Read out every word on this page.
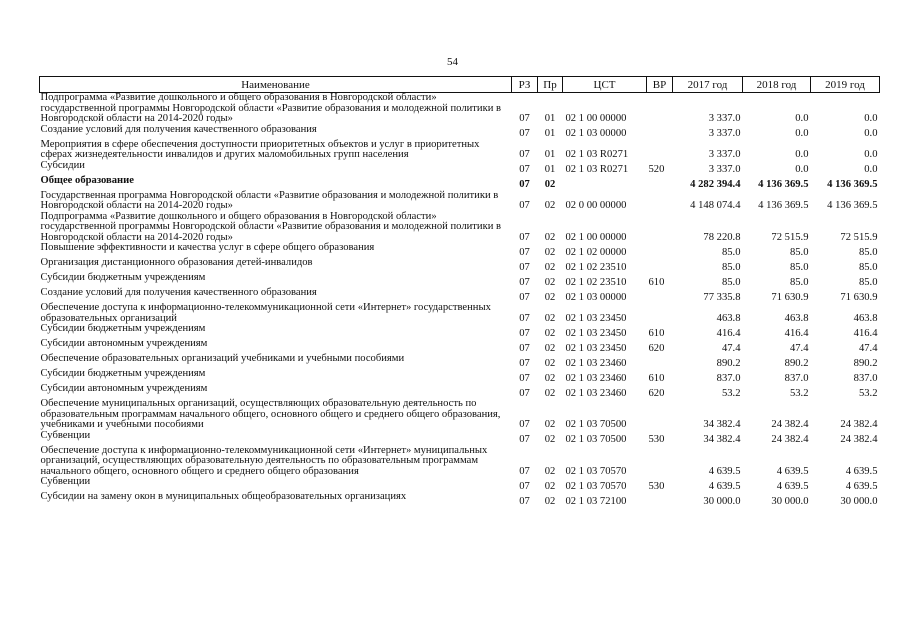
54
Наименование	РЗ	Пр	ЦСТ	ВР	2017 год	2018 год	2019 год
Подпрограмма «Развитие дошкольного и общего образования в Новгородской области» государственной программы Новгородской области «Развитие образования и молодежной политики в Новгородской области на 2014-2020 годы»	07	01	02 1 00 00000		3 337.0	0.0	0.0
Создание условий для получения качественного образования	07	01	02 1 03 00000		3 337.0	0.0	0.0
Мероприятия в сфере обеспечения доступности приоритетных объектов и услуг в приоритетных сферах жизнедеятельности инвалидов и других маломобильных групп населения	07	01	02 1 03 R0271		3 337.0	0.0	0.0
Субсидии	07	01	02 1 03 R0271	520	3 337.0	0.0	0.0
Общее образование	07	02			4 282 394.4	4 136 369.5	4 136 369.5
Государственная программа Новгородской области «Развитие образования и молодежной политики в Новгородской области на 2014-2020 годы»	07	02	02 0 00 00000		4 148 074.4	4 136 369.5	4 136 369.5
Подпрограмма «Развитие дошкольного и общего образования в Новгородской области» государственной программы Новгородской области «Развитие образования и молодежной политики в Новгородской области на 2014-2020 годы»	07	02	02 1 00 00000		78 220.8	72 515.9	72 515.9
Повышение эффективности и качества услуг в сфере общего образования	07	02	02 1 02 00000		85.0	85.0	85.0
Организация дистанционного образования детей-инвалидов	07	02	02 1 02 23510		85.0	85.0	85.0
Субсидии бюджетным учреждениям	07	02	02 1 02 23510	610	85.0	85.0	85.0
Создание условий для получения качественного образования	07	02	02 1 03 00000		77 335.8	71 630.9	71 630.9
Обеспечение доступа к информационно-телекоммуникационной сети «Интернет» государственных образовательных организаций	07	02	02 1 03 23450		463.8	463.8	463.8
Субсидии бюджетным учреждениям	07	02	02 1 03 23450	610	416.4	416.4	416.4
Субсидии автономным учреждениям	07	02	02 1 03 23450	620	47.4	47.4	47.4
Обеспечение образовательных организаций учебниками и учебными пособиями	07	02	02 1 03 23460		890.2	890.2	890.2
Субсидии бюджетным учреждениям	07	02	02 1 03 23460	610	837.0	837.0	837.0
Субсидии автономным учреждениям	07	02	02 1 03 23460	620	53.2	53.2	53.2
Обеспечение муниципальных организаций, осуществляющих образовательную деятельность по образовательным программам начального общего, основного общего и среднего общего образования, учебниками и учебными пособиями	07	02	02 1 03 70500		34 382.4	24 382.4	24 382.4
Субвенции	07	02	02 1 03 70500	530	34 382.4	24 382.4	24 382.4
Обеспечение доступа к информационно-телекоммуникационной сети «Интернет» муниципальных организаций, осуществляющих образовательную деятельность по образовательным программам начального общего, основного общего и среднего общего образования	07	02	02 1 03 70570		4 639.5	4 639.5	4 639.5
Субвенции	07	02	02 1 03 70570	530	4 639.5	4 639.5	4 639.5
Субсидии на замену окон в муниципальных общеобразовательных организациях	07	02	02 1 03 72100		30 000.0	30 000.0	30 000.0
